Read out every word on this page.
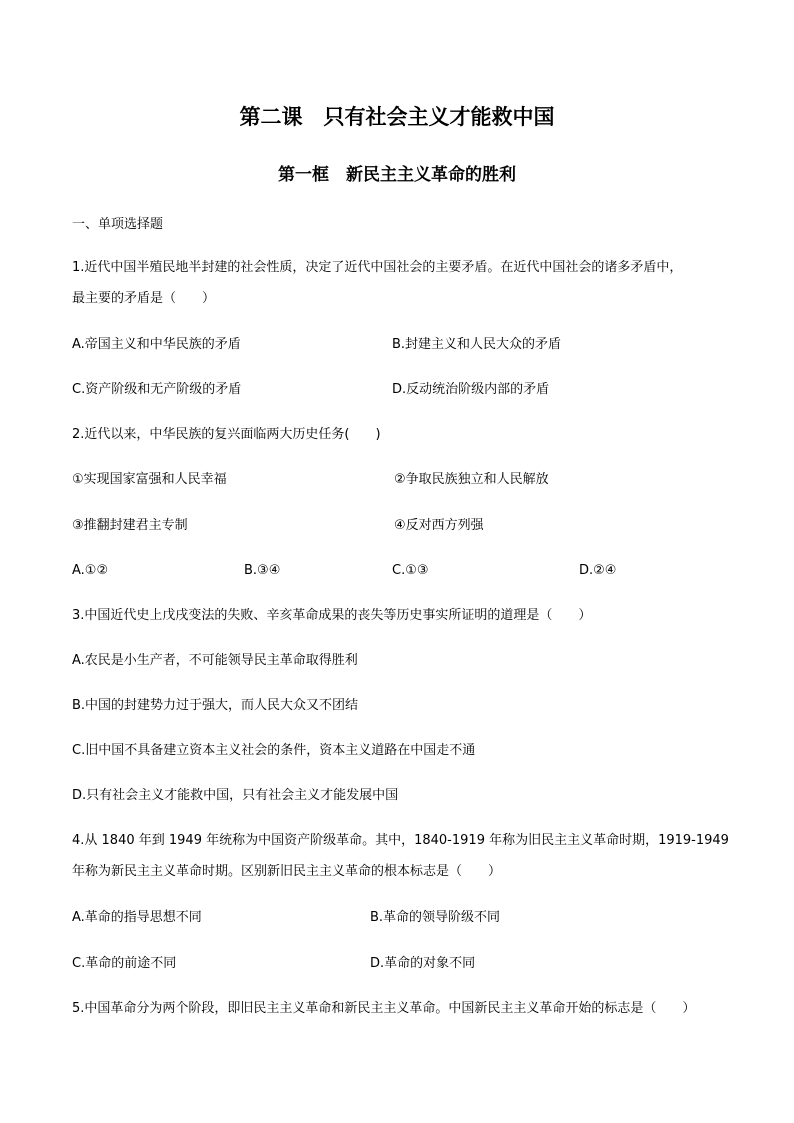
第二课　只有社会主义才能救中国
第一框　新民主主义革命的胜利
一、单项选择题
1.近代中国半殖民地半封建的社会性质，决定了近代中国社会的主要矛盾。在近代中国社会的诸多矛盾中，
最主要的矛盾是（　　）
A.帝国主义和中华民族的矛盾	B.封建主义和人民大众的矛盾
C.资产阶级和无产阶级的矛盾	D.反动统治阶级内部的矛盾
2.近代以来，中华民族的复兴面临两大历史任务(　　)
①实现国家富强和人民幸福	②争取民族独立和人民解放
③推翻封建君主专制	④反对西方列强
A.①②	B.③④	C.①③	D.②④
3.中国近代史上戊戌变法的失败、辛亥革命成果的丧失等历史事实所证明的道理是（　　）
A.农民是小生产者，不可能领导民主革命取得胜利
B.中国的封建势力过于强大，而人民大众又不团结
C.旧中国不具备建立资本主义社会的条件，资本主义道路在中国走不通
D.只有社会主义才能救中国，只有社会主义才能发展中国
4.从 1840 年到 1949 年统称为中国资产阶级革命。其中，1840-1919 年称为旧民主主义革命时期，1919-1949
年称为新民主主义革命时期。区别新旧民主主义革命的根本标志是（　　）
A.革命的指导思想不同	B.革命的领导阶级不同
C.革命的前途不同	D.革命的对象不同
5.中国革命分为两个阶段，即旧民主主义革命和新民主主义革命。中国新民主主义革命开始的标志是（　　）
